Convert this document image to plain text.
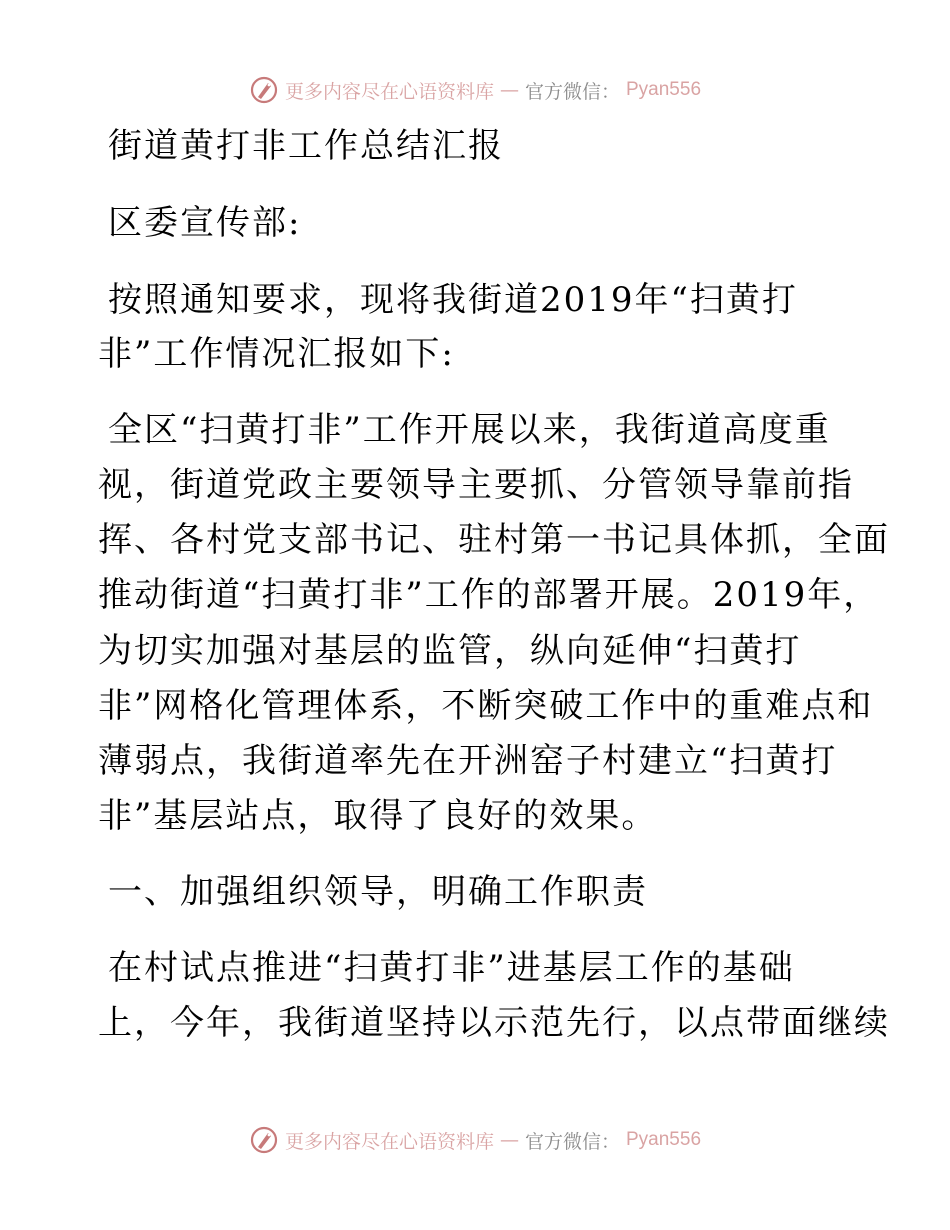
更多内容尽在心语资料库 — 官方微信： Pyan556
街道黄打非工作总结汇报
区委宣传部:
按照通知要求，现将我街道2019年“扫黄打
非”工作情况汇报如下:
全区“扫黄打非”工作开展以来，我街道高度重
视，街道党政主要领导主要抓、分管领导靠前指
挥、各村党支部书记、驻村第一书记具体抓，全面
推动街道“扫黄打非”工作的部署开展。2019年，
为切实加强对基层的监管，纵向延伸“扫黄打
非”网格化管理体系，不断突破工作中的重难点和
薄弱点，我街道率先在开洲窑子村建立“扫黄打
非”基层站点，取得了良好的效果。
一、加强组织领导，明确工作职责
在村试点推进“扫黄打非”进基层工作的基础
上，今年，我街道坚持以示范先行，以点带面继续
更多内容尽在心语资料库 — 官方微信： Pyan556
